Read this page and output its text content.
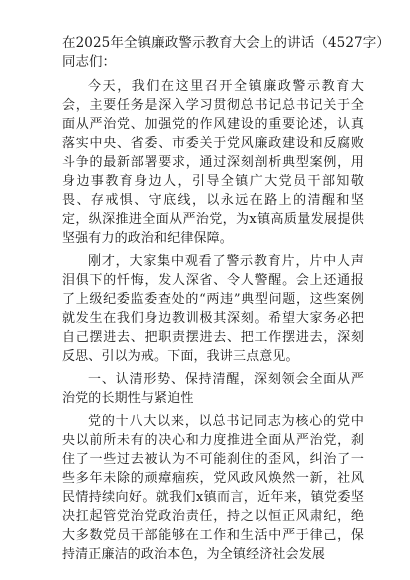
在2025年全镇廉政警示教育大会上的讲话（4527字）

同志们：

今天，我们在这里召开全镇廉政警示教育大会，主要任务是深入学习贯彻总书记总书记关于全面从严治党、加强党的作风建设的重要论述，认真落实中央、省委、市委关于党风廉政建设和反腐败斗争的最新部署要求，通过深刻剖析典型案例，用身边事教育身边人，引导全镇广大党员干部知敬畏、存戒惧、守底线，以永远在路上的清醒和坚定，纵深推进全面从严治党，为x镇高质量发展提供坚强有力的政治和纪律保障。

刚才，大家集中观看了警示教育片，片中人声泪俱下的忏悔，发人深省、令人警醒。会上还通报了上级纪委监委查处的“两违”典型问题，这些案例就发生在我们身边教训极其深刻。希望大家务必把自己摆进去、把职责摆进去、把工作摆进去，深刻反思、引以为戒。下面，我讲三点意见。

一、认清形势、保持清醒，深刻领会全面从严治党的长期性与紧迫性

党的十八大以来，以总书记同志为核心的党中央以前所未有的决心和力度推进全面从严治党，刹住了一些过去被认为不可能刹住的歪风，纠治了一些多年未除的顽瘴痼疾，党风政风焕然一新，社风民情持续向好。就我们x镇而言，近年来，镇党委坚决扛起管党治党政治责任，持之以恒正风肃纪，绝大多数党员干部能够在工作和生活中严于律己，保持清正廉洁的政治本色，为全镇经济社会发展
